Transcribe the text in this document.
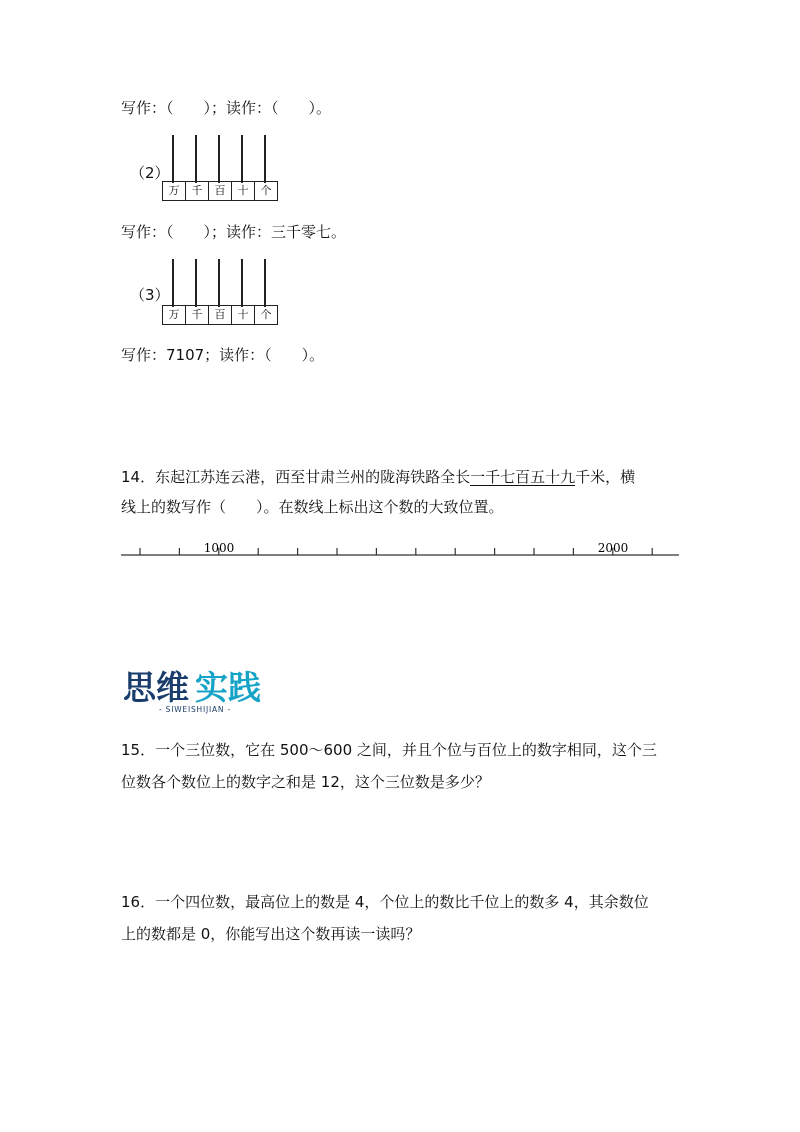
写作：（　　）；读作：（　　）。
（2）
万	千	百	十	个
写作：（　　）；读作：三千零七。
（3）
万	千	百	十	个
写作：7107；读作：（　　）。
14．东起江苏连云港，西至甘肃兰州的陇海铁路全长一千七百五十九千米，横
线上的数写作（　　）。在数线上标出这个数的大致位置。
1000	2000
思维 实践
- SIWEISHIJIAN -
15．一个三位数，它在 500～600 之间，并且个位与百位上的数字相同，这个三
位数各个数位上的数字之和是 12，这个三位数是多少？
16．一个四位数，最高位上的数是 4，个位上的数比千位上的数多 4，其余数位
上的数都是 0，你能写出这个数再读一读吗？
